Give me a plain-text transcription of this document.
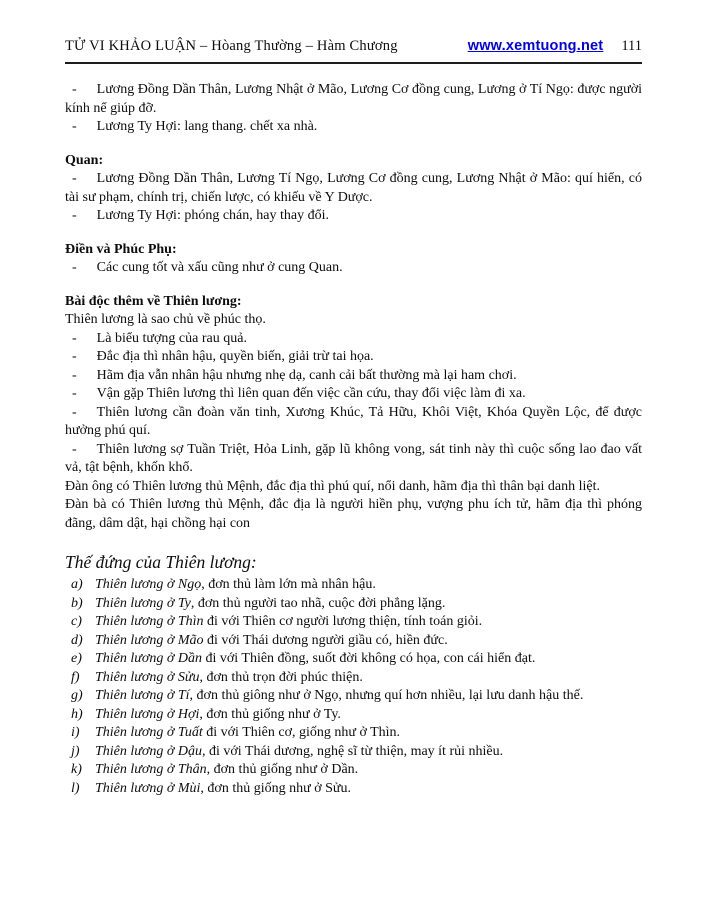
TỬ VI KHẢO LUẬN – Hòang Thường – Hàm Chương	www.xemtuong.net 111

- Lương Đồng Dần Thân, Lương Nhật ở Mão, Lương Cơ đồng cung, Lương ở Tí Ngọ: được người kính nể giúp đỡ.

- Lương Ty Hợi: lang thang. chết xa nhà.

Quan:

- Lương Đồng Dần Thân, Lương Tí Ngọ, Lương Cơ đồng cung, Lương Nhật ở Mão: quí hiển, có tài sư phạm, chính trị, chiến lược, có khiếu về Y Dược.

- Lương Ty Hợi: phóng chán, hay thay đổi.

Điền và Phúc Phụ:

- Các cung tốt và xấu cũng như ở cung Quan.

Bài độc thêm về Thiên lương:

Thiên lương là sao chủ về phúc thọ.

- Là biểu tượng của rau quả.

- Đắc địa thì nhân hậu, quyền biến, giải trừ tai họa.

- Hãm địa vẫn nhân hậu nhưng nhẹ dạ, canh cải bất thường mà lại ham chơi.

- Vận gặp Thiên lương thì liên quan đến việc cần cứu, thay đổi việc làm đi xa.

- Thiên lương cần đoàn văn tinh, Xương Khúc, Tả Hữu, Khôi Việt, Khóa Quyền Lộc, để được hưởng phú quí.

- Thiên lương sợ Tuần Triệt, Hỏa Linh, gặp lũ không vong, sát tinh này thì cuộc sống lao đao vất vả, tật bệnh, khốn khổ.

Đàn ông có Thiên lương thủ Mệnh, đắc địa thì phú quí, nổi danh, hãm địa thì thân bại danh liệt.

Đàn bà có Thiên lương thủ Mệnh, đắc địa là người hiền phụ, vượng phu ích tử, hãm địa thì phóng đãng, dâm dật, hại chồng hại con

Thế đứng của Thiên lương:

a) Thiên lương ở Ngọ, đơn thủ làm lớn mà nhân hậu.

b) Thiên lương ở Ty, đơn thủ người tao nhã, cuộc đời phẳng lặng.

c) Thiên lương ở Thìn đi với Thiên cơ người lương thiện, tính toán giỏi.

d) Thiên lương ở Mão đi với Thái dương người giầu có, hiền đức.

e) Thiên lương ở Dần đi với Thiên đồng, suốt đời không có họa, con cái hiển đạt.

f) Thiên lương ở Sửu, đơn thủ trọn đời phúc thiện.

g) Thiên lương ở Tí, đơn thủ giông như ở Ngọ, nhưng quí hơn nhiều, lại lưu danh hậu thế.

h) Thiên lương ở Hợi, đơn thủ giống như ở Ty.

i) Thiên lương ở Tuất đi với Thiên cơ, giống như ở Thìn.

j) Thiên lương ở Dậu, đi với Thái dương, nghệ sĩ từ thiện, may ít rủi nhiều.

k) Thiên lương ở Thân, đơn thủ giống như ở Dần.

l) Thiên lương ở Mùi, đơn thủ giống như ở Sửu.
